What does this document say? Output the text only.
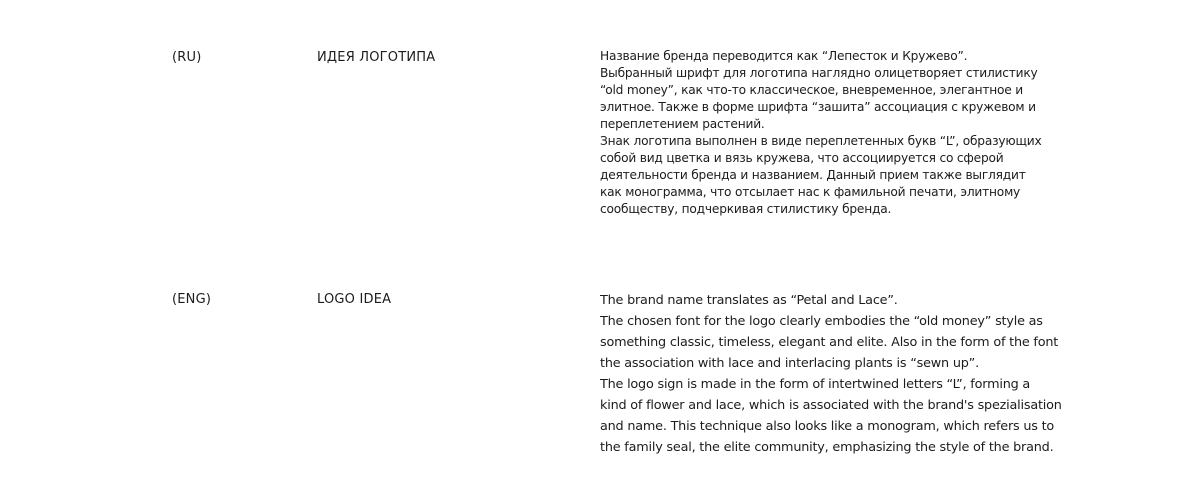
(RU)	ИДЕЯ ЛОГОТИПА	Название бренда переводится как “Лепесток и Кружево”.
Выбранный шрифт для логотипа наглядно олицетворяет стилистику
“old money”, как что-то классическое, вневременное, элегантное и
элитное. Также в форме шрифта “зашита” ассоциация с кружевом и
переплетением растений.
Знак логотипа выполнен в виде переплетенных букв “L”, образующих
собой вид цветка и вязь кружева, что ассоциируется со сферой
деятельности бренда и названием. Данный прием также выглядит
как монограмма, что отсылает нас к фамильной печати, элитному
сообществу, подчеркивая стилистику бренда.
(ENG)	LOGO IDEA	The brand name translates as “Petal and Lace”.
The chosen font for the logo clearly embodies the “old money” style as
something classic, timeless, elegant and elite. Also in the form of the font
the association with lace and interlacing plants is “sewn up”.
The logo sign is made in the form of intertwined letters “L”, forming a
kind of flower and lace, which is associated with the brand's spezialisation
and name. This technique also looks like a monogram, which refers us to
the family seal, the elite community, emphasizing the style of the brand.
